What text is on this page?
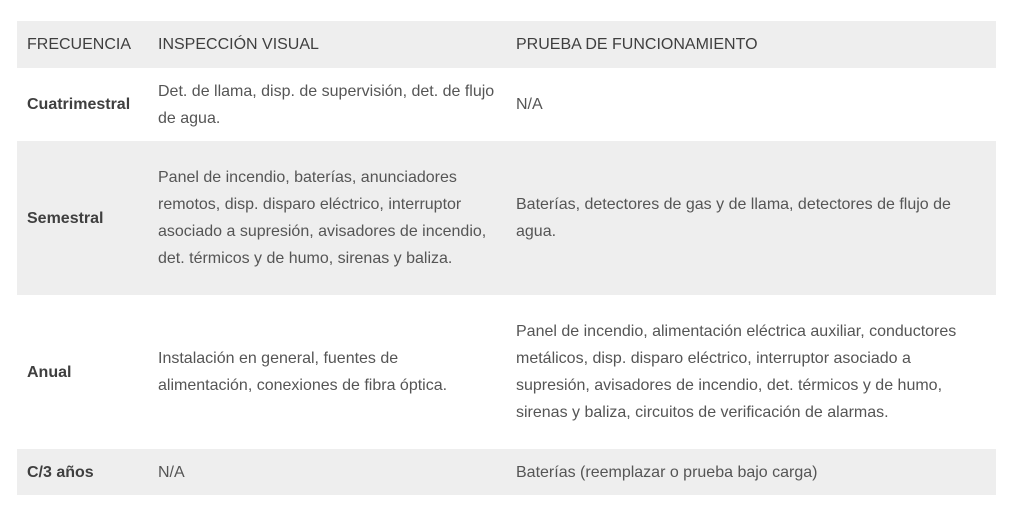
FRECUENCIA	INSPECCIÓN VISUAL	PRUEBA DE FUNCIONAMIENTO
Cuatrimestral	Det. de llama, disp. de supervisión, det. de flujo de agua.	N/A
Semestral	Panel de incendio, baterías, anunciadores remotos, disp. disparo eléctrico, interruptor asociado a supresión, avisadores de incendio, det. térmicos y de humo, sirenas y baliza.	Baterías, detectores de gas y de llama, detectores de flujo de agua.
Anual	Instalación en general, fuentes de alimentación, conexiones de fibra óptica.	Panel de incendio, alimentación eléctrica auxiliar, conductores metálicos, disp. disparo eléctrico, interruptor asociado a supresión, avisadores de incendio, det. térmicos y de humo, sirenas y baliza, circuitos de verificación de alarmas.
C/3 años	N/A	Baterías (reemplazar o prueba bajo carga)
